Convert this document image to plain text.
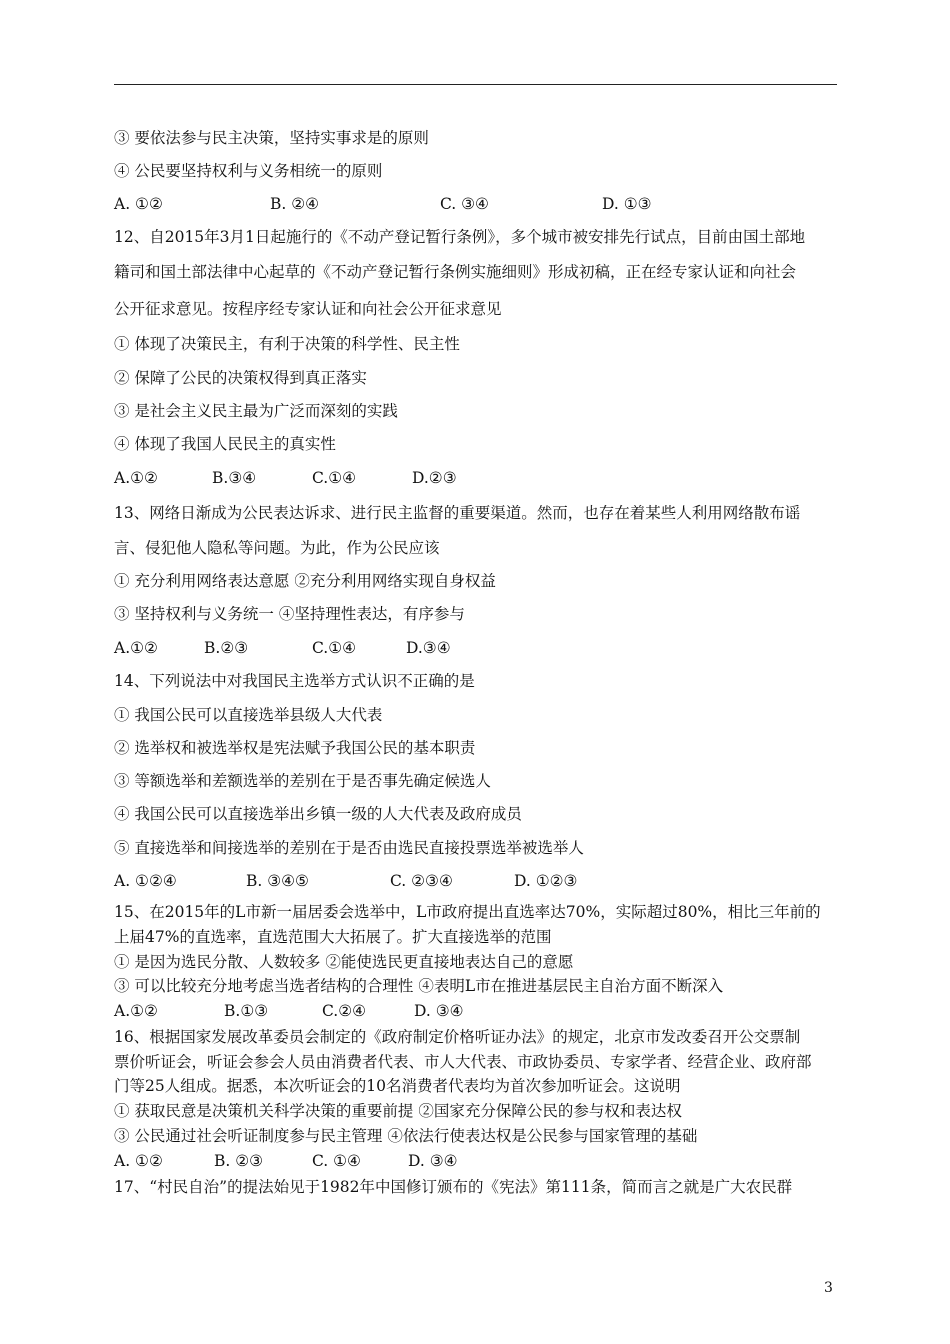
③ 要依法参与民主决策，坚持实事求是的原则
④ 公民要坚持权利与义务相统一的原则
A. ①②	B. ②④	C. ③④	D. ①③
12、自2015年3月1日起施行的《不动产登记暂行条例》，多个城市被安排先行试点，目前由国土部地
籍司和国土部法律中心起草的《不动产登记暂行条例实施细则》形成初稿，正在经专家认证和向社会
公开征求意见。按程序经专家认证和向社会公开征求意见
① 体现了决策民主，有利于决策的科学性、民主性
② 保障了公民的决策权得到真正落实
③ 是社会主义民主最为广泛而深刻的实践
④ 体现了我国人民民主的真实性
A.①②	B.③④	C.①④	D.②③
13、网络日渐成为公民表达诉求、进行民主监督的重要渠道。然而，也存在着某些人利用网络散布谣
言、侵犯他人隐私等问题。为此，作为公民应该
① 充分利用网络表达意愿 ②充分利用网络实现自身权益
③ 坚持权利与义务统一 ④坚持理性表达，有序参与
A.①②	B.②③	C.①④	D.③④
14、下列说法中对我国民主选举方式认识不正确的是
① 我国公民可以直接选举县级人大代表
② 选举权和被选举权是宪法赋予我国公民的基本职责
③ 等额选举和差额选举的差别在于是否事先确定候选人
④ 我国公民可以直接选举出乡镇一级的人大代表及政府成员
⑤ 直接选举和间接选举的差别在于是否由选民直接投票选举被选举人
A. ①②④	B. ③④⑤	C. ②③④	D. ①②③
15、在2015年的L市新一届居委会选举中，L市政府提出直选率达70%，实际超过80%，相比三年前的
上届47%的直选率，直选范围大大拓展了。扩大直接选举的范围
① 是因为选民分散、人数较多 ②能使选民更直接地表达自己的意愿
③ 可以比较充分地考虑当选者结构的合理性 ④表明L市在推进基层民主自治方面不断深入
A.①②	B.①③	C.②④	D. ③④
16、根据国家发展改革委员会制定的《政府制定价格听证办法》的规定，北京市发改委召开公交票制
票价听证会，听证会参会人员由消费者代表、市人大代表、市政协委员、专家学者、经营企业、政府部
门等25人组成。据悉，本次听证会的10名消费者代表均为首次参加听证会。这说明
① 获取民意是决策机关科学决策的重要前提 ②国家充分保障公民的参与权和表达权
③ 公民通过社会听证制度参与民主管理 ④依法行使表达权是公民参与国家管理的基础
A. ①②	B. ②③	C. ①④	D. ③④
17、“村民自治”的提法始见于1982年中国修订颁布的《宪法》第111条，简而言之就是广大农民群
3
